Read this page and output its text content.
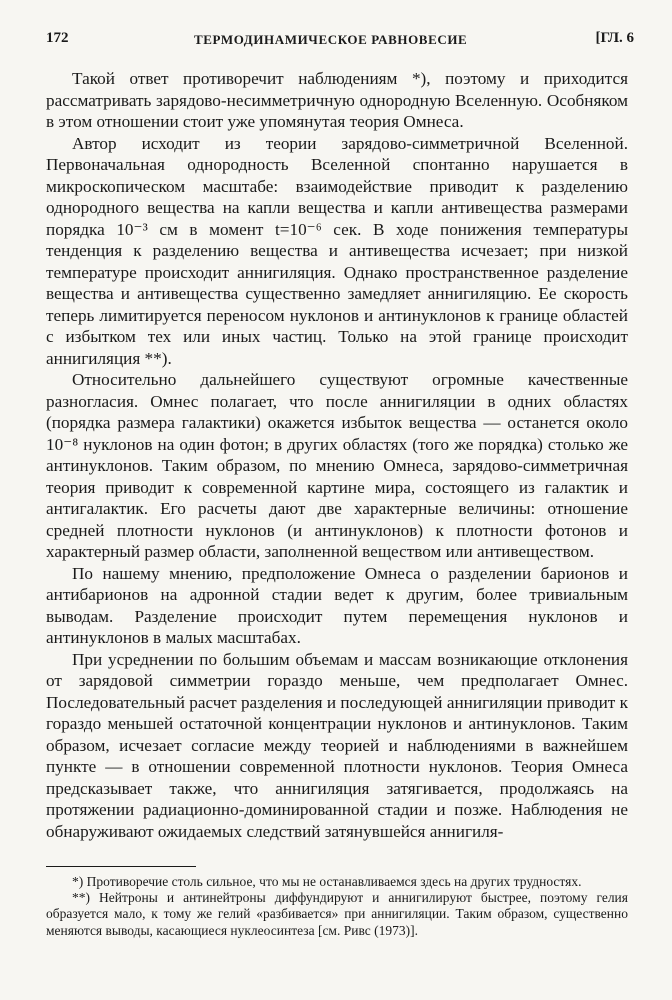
172	ТЕРМОДИНАМИЧЕСКОЕ РАВНОВЕСИЕ	[ГЛ. 6

Такой ответ противоречит наблюдениям *), поэтому и приходится рассматривать зарядово-несимметричную однородную Вселенную. Особняком в этом отношении стоит уже упомянутая теория Омнеса.

Автор исходит из теории зарядово-симметричной Вселенной. Первоначальная однородность Вселенной спонтанно нарушается в микроскопическом масштабе: взаимодействие приводит к разделению однородного вещества на капли вещества и капли антивещества размерами порядка 10⁻³ см в момент t=10⁻⁶ сек. В ходе понижения температуры тенденция к разделению вещества и антивещества исчезает; при низкой температуре происходит аннигиляция. Однако пространственное разделение вещества и антивещества существенно замедляет аннигиляцию. Ее скорость теперь лимитируется переносом нуклонов и антинуклонов к границе областей с избытком тех или иных частиц. Только на этой границе происходит аннигиляция **).

Относительно дальнейшего существуют огромные качественные разногласия. Омнес полагает, что после аннигиляции в одних областях (порядка размера галактики) окажется избыток вещества — останется около 10⁻⁸ нуклонов на один фотон; в других областях (того же порядка) столько же антинуклонов. Таким образом, по мнению Омнеса, зарядово-симметричная теория приводит к современной картине мира, состоящего из галактик и антигалактик. Его расчеты дают две характерные величины: отношение средней плотности нуклонов (и антинуклонов) к плотности фотонов и характерный размер области, заполненной веществом или антивеществом.

По нашему мнению, предположение Омнеса о разделении барионов и антибарионов на адронной стадии ведет к другим, более тривиальным выводам. Разделение происходит путем перемещения нуклонов и антинуклонов в малых масштабах.

При усреднении по большим объемам и массам возникающие отклонения от зарядовой симметрии гораздо меньше, чем предполагает Омнес. Последовательный расчет разделения и последующей аннигиляции приводит к гораздо меньшей остаточной концентрации нуклонов и антинуклонов. Таким образом, исчезает согласие между теорией и наблюдениями в важнейшем пункте — в отношении современной плотности нуклонов. Теория Омнеса предсказывает также, что аннигиляция затягивается, продолжаясь на протяжении радиационно-доминированной стадии и позже. Наблюдения не обнаруживают ожидаемых следствий затянувшейся аннигиля-

*) Противоречие столь сильное, что мы не останавливаемся здесь на других трудностях.

**) Нейтроны и антинейтроны диффундируют и аннигилируют быстрее, поэтому гелия образуется мало, к тому же гелий «разбивается» при аннигиляции. Таким образом, существенно меняются выводы, касающиеся нуклеосинтеза [см. Ривс (1973)].
